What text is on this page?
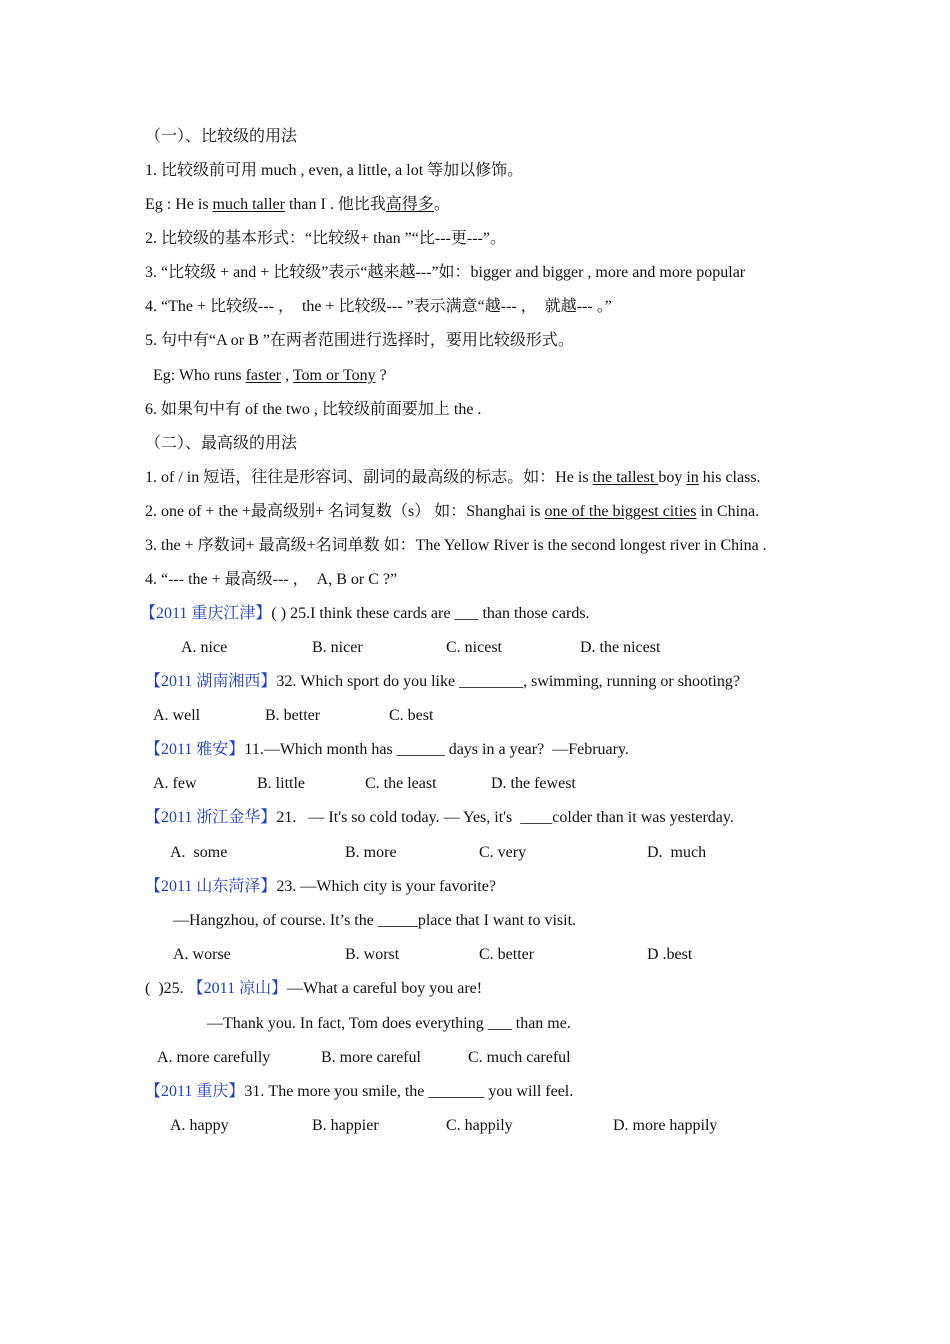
（一）、比较级的用法
1. 比较级前可用 much , even, a little, a lot 等加以修饰。
Eg : He is much taller than I . 他比我高得多。
2. 比较级的基本形式：“比较级+ than ”“比---更---”。
3. “比较级 + and + 比较级”表示“越来越---”如：bigger and bigger , more and more popular
4. “The + 比较级--- ，  the + 比较级--- ”表示满意“越--- ，  就越--- 。”
5. 句中有“A or B ”在两者范围进行选择时，要用比较级形式。
Eg: Who runs faster , Tom or Tony ?
6. 如果句中有 of the two , 比较级前面要加上 the .
（二）、最高级的用法
1. of / in 短语，往往是形容词、副词的最高级的标志。如：He is the tallest boy in his class.
2. one of + the +最高级别+ 名词复数（s） 如：Shanghai is one of the biggest cities in China.
3. the + 序数词+ 最高级+名词单数 如：The Yellow River is the second longest river in China .
4. “--- the + 最高级--- ，  A, B or C ?”
【2011 重庆江津】( ) 25.I think these cards are ___ than those cards.
A. nice	B. nicer	C. nicest	D. the nicest
【2011 湖南湘西】32. Which sport do you like ________, swimming, running or shooting?
A. well	B. better	C. best
【2011 雅安】11.—Which month has ______ days in a year?  —February.
A. few	B. little	C. the least	D. the fewest
【2011 浙江金华】21.   — It's so cold today. — Yes, it's  ____colder than it was yesterday.
A.  some	B. more	C. very	D.  much
【2011 山东菏泽】23. —Which city is your favorite?
—Hangzhou, of course. It’s the _____place that I want to visit.
A. worse	B. worst	C. better	D .best
(  )25. 【2011 凉山】—What a careful boy you are!
—Thank you. In fact, Tom does everything ___ than me.
A. more carefully	B. more careful	C. much careful
【2011 重庆】31. The more you smile, the _______ you will feel.
A. happy	B. happier	C. happily	D. more happily
